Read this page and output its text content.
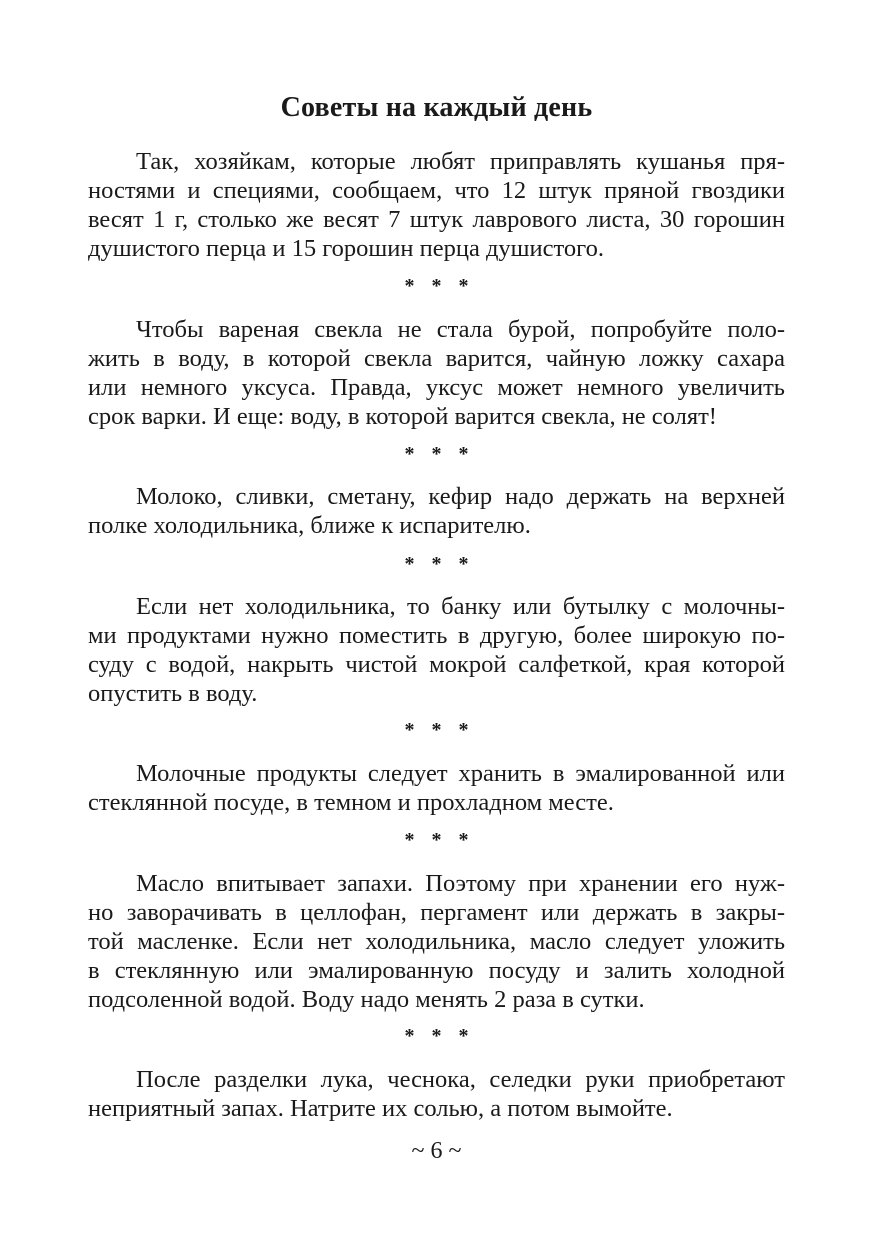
Советы на каждый день
Так, хозяйкам, которые любят приправлять кушанья пря-
ностями и специями, сообщаем, что 12 штук пряной гвоздики
весят 1 г, столько же весят 7 штук лаврового листа, 30 горошин
душистого перца и 15 горошин перца душистого.
* * *
Чтобы вареная свекла не стала бурой, попробуйте поло-
жить в воду, в которой свекла варится, чайную ложку сахара
или немного уксуса. Правда, уксус может немного увеличить
срок варки. И еще: воду, в которой варится свекла, не солят!
* * *
Молоко, сливки, сметану, кефир надо держать на верхней
полке холодильника, ближе к испарителю.
* * *
Если нет холодильника, то банку или бутылку с молочны-
ми продуктами нужно поместить в другую, более широкую по-
суду с водой, накрыть чистой мокрой салфеткой, края которой
опустить в воду.
* * *
Молочные продукты следует хранить в эмалированной или
стеклянной посуде, в темном и прохладном месте.
* * *
Масло впитывает запахи. Поэтому при хранении его нуж-
но заворачивать в целлофан, пергамент или держать в закры-
той масленке. Если нет холодильника, масло следует уложить
в стеклянную или эмалированную посуду и залить холодной
подсоленной водой. Воду надо менять 2 раза в сутки.
* * *
После разделки лука, чеснока, селедки руки приобретают
неприятный запах. Натрите их солью, а потом вымойте.
~ 6 ~
